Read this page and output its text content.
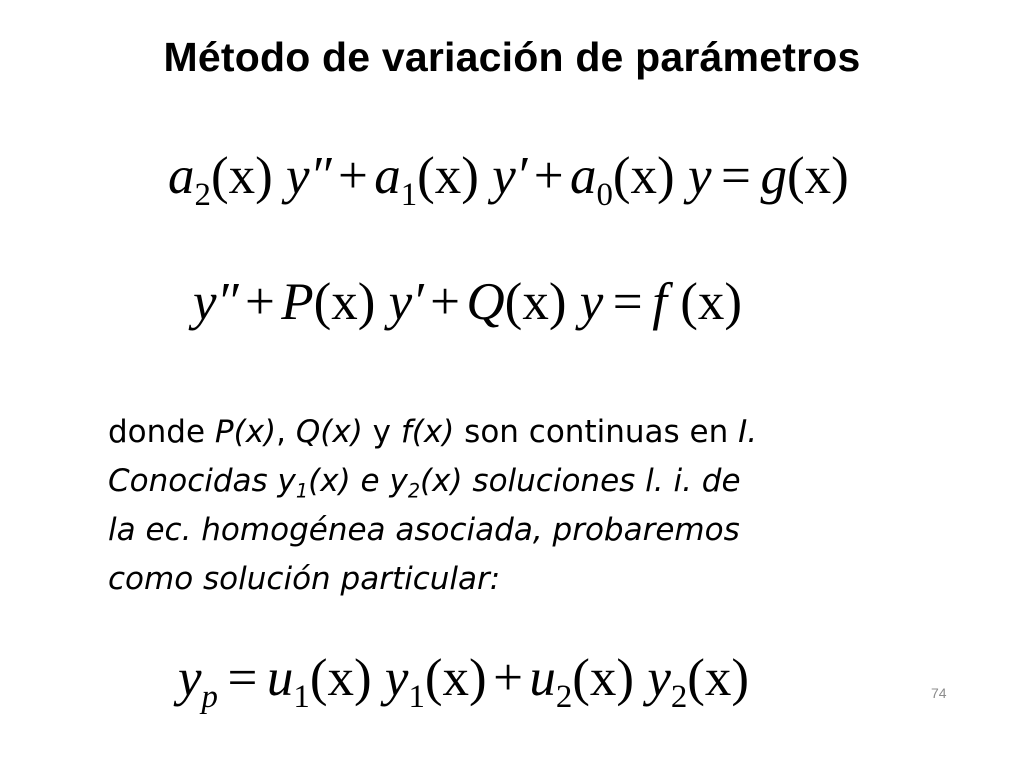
Método de variación de parámetros
$a_2(x) y'' + a_1(x) y' + a_0(x) y = g(x)$
y″ + P(x) y′ + Q(x) y = f (x)

donde P(x), Q(x) y f(x) son continuas en I.

Conocidas $y_1(x)$ e $y_2(x)$ soluciones l. i. de

la ec. homogénea asociada, probaremos

como solución particular:

$y_p = u_1(x) y_1(x) + u_2(x)$ $y_2(x)$	74
